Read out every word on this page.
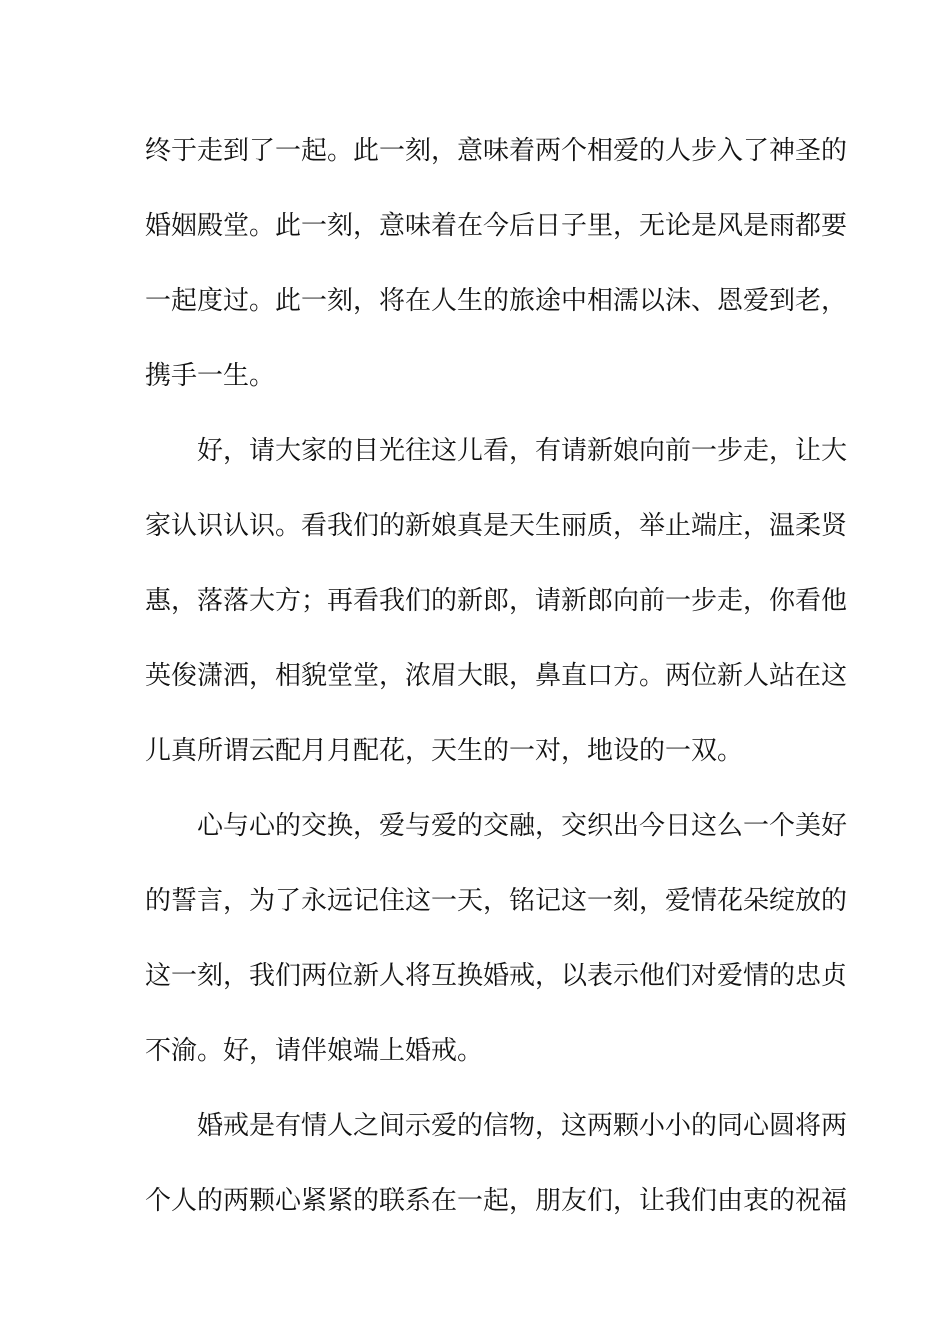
终于走到了一起。此一刻，意味着两个相爱的人步入了神圣的
婚姻殿堂。此一刻，意味着在今后日子里，无论是风是雨都要
一起度过。此一刻，将在人生的旅途中相濡以沫、恩爱到老，
携手一生。
好，请大家的目光往这儿看，有请新娘向前一步走，让大
家认识认识。看我们的新娘真是天生丽质，举止端庄，温柔贤
惠，落落大方；再看我们的新郎，请新郎向前一步走，你看他
英俊潇洒，相貌堂堂，浓眉大眼，鼻直口方。两位新人站在这
儿真所谓云配月月配花，天生的一对，地设的一双。
心与心的交换，爱与爱的交融，交织出今日这么一个美好
的誓言，为了永远记住这一天，铭记这一刻，爱情花朵绽放的
这一刻，我们两位新人将互换婚戒，以表示他们对爱情的忠贞
不渝。好，请伴娘端上婚戒。
婚戒是有情人之间示爱的信物，这两颗小小的同心圆将两
个人的两颗心紧紧的联系在一起，朋友们，让我们由衷的祝福
